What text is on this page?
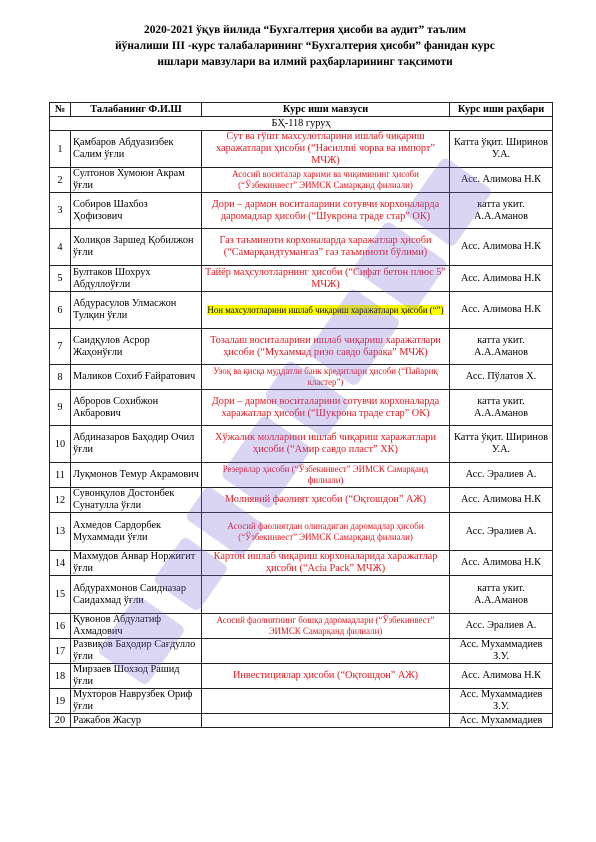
2020-2021 ўқув йилида “Бухгалтерия ҳисоби ва аудит” таълим
йўналиши III -курс талабаларининг “Бухгалтерия ҳисоби” фанидан курс
ишлари мавзулари ва илмий раҳбарларининг тақсимоти
№	Талабанинг Ф.И.Ш	Курс иши мавзуси	Курс иши раҳбари
БҲ-118 гуруҳ			
1	Қамбаров Абдуазизбек Салим ўғли	Сут ва гўшт махсулотларини ишлаб чиқариш харажатлари ҳисоби (“Насиллиi чорва ва импорт” МЧЖ)	Катта ўқит. Ширинов У.А.
2	Султонов Хумоюн Акрам ўғли	Асосий воситалар харими ва чиқимининг ҳисоби (“Ўзбекинвест” ЭИМСК Самарқанд филиали)	Асс. Алимова Н.К
3	Собиров Шахбоз Ҳофизович	Дори – дармон воситаларини сотувчи корхоналарда даромадлар ҳисоби (“Шукрона траде стар” ОК)	катта укит. А.А.Аманов
4	Холиқов Заршед Қобилжон ўғли	Газ таъминоти корхоналарда харажатлар ҳисоби (“Самарқандтумангаз” газ таъминоти бўлими)	Асс. Алимова Н.К
5	Бултаков Шохрух Абдуллоўғли	Тайёр маҳсулотларнинг ҳисоби (“Сифат бетон плюс 5” МЧЖ)	Асс. Алимова Н.К
6	Абдурасулов Улмасжон Тулқин ўғли	Нон махсулотларини ишлаб чиқариш харажатлари ҳисоби (“”)	Асс. Алимова Н.К
7	Саидқулов Асрор Жаҳонўғли	Тозалаш воситаларини ишлаб чиқариш харажатлари ҳисоби (“Мухаммад ризо савдо барака” МЧЖ)	катта укит. А.А.Аманов
8	Маликов Сохиб Ғайратович	Узоқ ва қисқа муддатли банк кредитлари ҳисоби (“Пайариқ кластер”)	Асс. Пўлатов Х.
9	Аброров Сохибжон Акбарович	Дори – дармон воситаларини сотувчи корхоналарда харажатлар ҳисоби (“Шукрона траде стар” ОК)	катта укит. А.А.Аманов
10	Абдиназаров Баҳодир Очил ўғли	Хўжалик молларини ишлаб чиқариш харажатлари ҳисоби (“Амир савдо пласт” ХК)	Катта ўқит. Ширинов У.А.
11	Луқмонов Темур Акрамович	Резервлар ҳисоби (“Ўзбекинвест” ЭИМСК Самарқанд филиали)	Асс. Эралиев А.
12	Сувонқулов Достонбек Сунатулла ўғли	Молиявий фаолият ҳисоби (“Оқтошдон” АЖ)	Асс. Алимова Н.К
13	Ахмедов Сардорбек Мухаммади ўғли	Асосий фаолиятдан олинадиган даромадлар ҳисоби (“Ўзбекинвест” ЭИМСК Самарқанд филиали)	Асс. Эралиев А.
14	Махмудов Анвар Норжигит ўғли	Картон ишлаб чиқариш корхоналарида харажатлар ҳисоби (“Acia Pack” МЧЖ)	Асс. Алимова Н.К
15	Абдурахмонов Саидназар Саидахмад ўғли		катта укит. А.А.Аманов
16	Қувонов Абдулатиф Ахмадович	Асосий фаолиятнинг бошқа даромадлари (“Ўзбекинвест” ЭИМСК Самарқанд филиали)	Асс. Эралиев А.
17	Развиқов Баҳодир Сағдулло ўғли		Асс. Мухаммадиев З.У.
18	Мирзаев Шохзод Рашид ўғли	Инвестициялар ҳисоби (“Оқтошдон” АЖ)	Асс. Алимова Н.К
19	Мухторов Наврузбек Ориф ўғли		Асс. Мухаммадиев З.У.
20	Ражабов Жасур		Асс. Мухаммадиев
